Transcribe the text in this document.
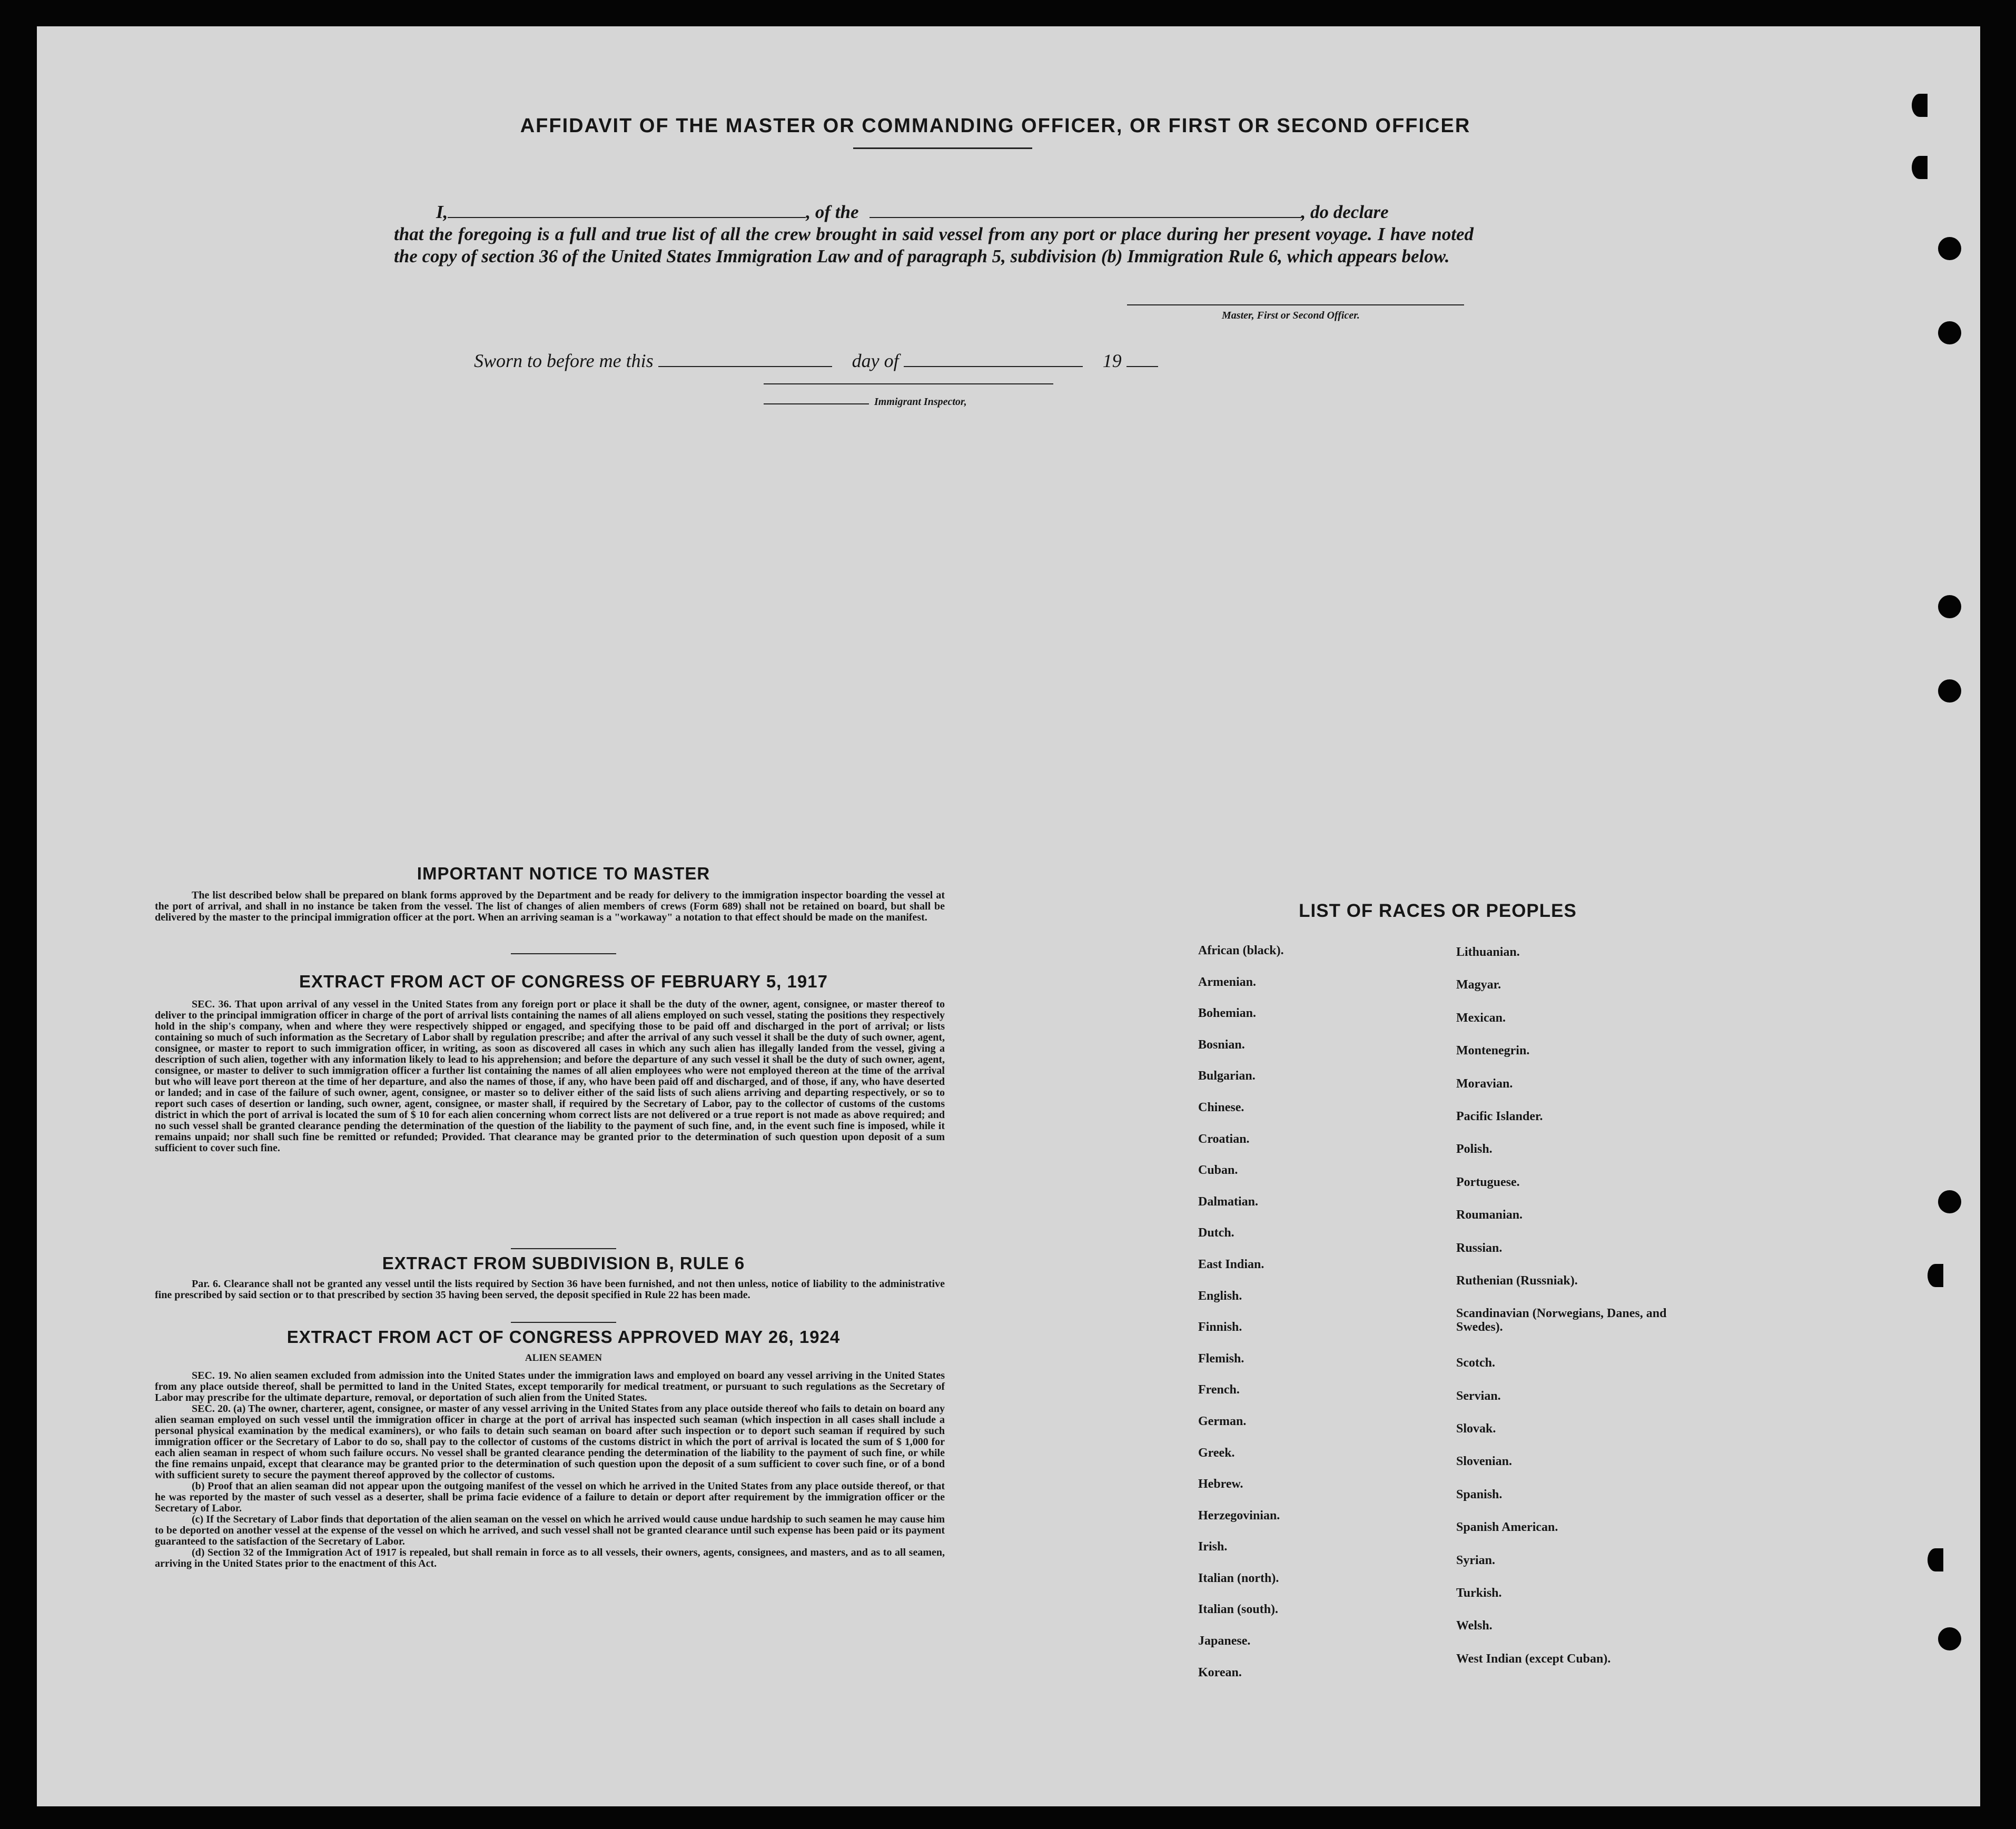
AFFIDAVIT OF THE MASTER OR COMMANDING OFFICER, OR FIRST OR SECOND OFFICER
I,	, of the	, do declare
that the foregoing is a full and true list of all the crew brought in said vessel from any port or place during her present voyage. I have noted the copy of section 36 of the United States Immigration Law and of paragraph 5, subdivision (b) Immigration Rule 6, which appears below.
Master, First or Second Officer.
Sworn to before me this	day of	19
Immigrant Inspector,
IMPORTANT NOTICE TO MASTER

The list described below shall be prepared on blank forms approved by the Department and be ready for delivery to the immigration inspector boarding the vessel at the port of arrival, and shall in no instance be taken from the vessel. The list of changes of alien members of crews (Form 689) shall not be retained on board, but shall be delivered by the master to the principal immigration officer at the port. When an arriving seaman is a "workaway" a notation to that effect should be made on the manifest.

EXTRACT FROM ACT OF CONGRESS OF FEBRUARY 5, 1917

SEC. 36. That upon arrival of any vessel in the United States from any foreign port or place it shall be the duty of the owner, agent, consignee, or master thereof to deliver to the principal immigration officer in charge of the port of arrival lists containing the names of all aliens employed on such vessel, stating the positions they respectively hold in the ship's company, when and where they were respectively shipped or engaged, and specifying those to be paid off and discharged in the port of arrival; or lists containing so much of such information as the Secretary of Labor shall by regulation prescribe; and after the arrival of any such vessel it shall be the duty of such owner, agent, consignee, or master to report to such immigration officer, in writing, as soon as discovered all cases in which any such alien has illegally landed from the vessel, giving a description of such alien, together with any information likely to lead to his apprehension; and before the departure of any such vessel it shall be the duty of such owner, agent, consignee, or master to deliver to such immigration officer a further list containing the names of all alien employees who were not employed thereon at the time of the arrival but who will leave port thereon at the time of her departure, and also the names of those, if any, who have been paid off and discharged, and of those, if any, who have deserted or landed; and in case of the failure of such owner, agent, consignee, or master so to deliver either of the said lists of such aliens arriving and departing respectively, or so to report such cases of desertion or landing, such owner, agent, consignee, or master shall, if required by the Secretary of Labor, pay to the collector of customs of the customs district in which the port of arrival is located the sum of $ 10 for each alien concerning whom correct lists are not delivered or a true report is not made as above required; and no such vessel shall be granted clearance pending the determination of the question of the liability to the payment of such fine, and, in the event such fine is imposed, while it remains unpaid; nor shall such fine be remitted or refunded; Provided. That clearance may be granted prior to the determination of such question upon deposit of a sum sufficient to cover such fine.

EXTRACT FROM SUBDIVISION B, RULE 6

Par. 6. Clearance shall not be granted any vessel until the lists required by Section 36 have been furnished, and not then unless, notice of liability to the administrative fine prescribed by said section or to that prescribed by section 35 having been served, the deposit specified in Rule 22 has been made.

EXTRACT FROM ACT OF CONGRESS APPROVED MAY 26, 1924
ALIEN SEAMEN

SEC. 19. No alien seamen excluded from admission into the United States under the immigration laws and employed on board any vessel arriving in the United States from any place outside thereof, shall be permitted to land in the United States, except temporarily for medical treatment, or pursuant to such regulations as the Secretary of Labor may prescribe for the ultimate departure, removal, or deportation of such alien from the United States.

SEC. 20. (a) The owner, charterer, agent, consignee, or master of any vessel arriving in the United States from any place outside thereof who fails to detain on board any alien seaman employed on such vessel until the immigration officer in charge at the port of arrival has inspected such seaman (which inspection in all cases shall include a personal physical examination by the medical examiners), or who fails to detain such seaman on board after such inspection or to deport such seaman if required by such immigration officer or the Secretary of Labor to do so, shall pay to the collector of customs of the customs district in which the port of arrival is located the sum of $ 1,000 for each alien seaman in respect of whom such failure occurs. No vessel shall be granted clearance pending the determination of the liability to the payment of such fine, or while the fine remains unpaid, except that clearance may be granted prior to the determination of such question upon the deposit of a sum sufficient to cover such fine, or of a bond with sufficient surety to secure the payment thereof approved by the collector of customs.

(b) Proof that an alien seaman did not appear upon the outgoing manifest of the vessel on which he arrived in the United States from any place outside thereof, or that he was reported by the master of such vessel as a deserter, shall be prima facie evidence of a failure to detain or deport after requirement by the immigration officer or the Secretary of Labor.

(c) If the Secretary of Labor finds that deportation of the alien seaman on the vessel on which he arrived would cause undue hardship to such seamen he may cause him to be deported on another vessel at the expense of the vessel on which he arrived, and such vessel shall not be granted clearance until such expense has been paid or its payment guaranteed to the satisfaction of the Secretary of Labor.

(d) Section 32 of the Immigration Act of 1917 is repealed, but shall remain in force as to all vessels, their owners, agents, consignees, and masters, and as to all seamen, arriving in the United States prior to the enactment of this Act.

LIST OF RACES OR PEOPLES
African (black).
Armenian.
Bohemian.
Bosnian.
Bulgarian.
Chinese.
Croatian.
Cuban.
Dalmatian.
Dutch.
East Indian.
English.
Finnish.
Flemish.
French.
German.
Greek.
Hebrew.
Herzegovinian.
Irish.
Italian (north).
Italian (south).
Japanese.
Korean.
Lithuanian.
Magyar.
Mexican.
Montenegrin.
Moravian.
Pacific Islander.
Polish.
Portuguese.
Roumanian.
Russian.
Ruthenian (Russniak).
Scandinavian (Norwegians, Danes, and Swedes).
Scotch.
Servian.
Slovak.
Slovenian.
Spanish.
Spanish American.
Syrian.
Turkish.
Welsh.
West Indian (except Cuban).
